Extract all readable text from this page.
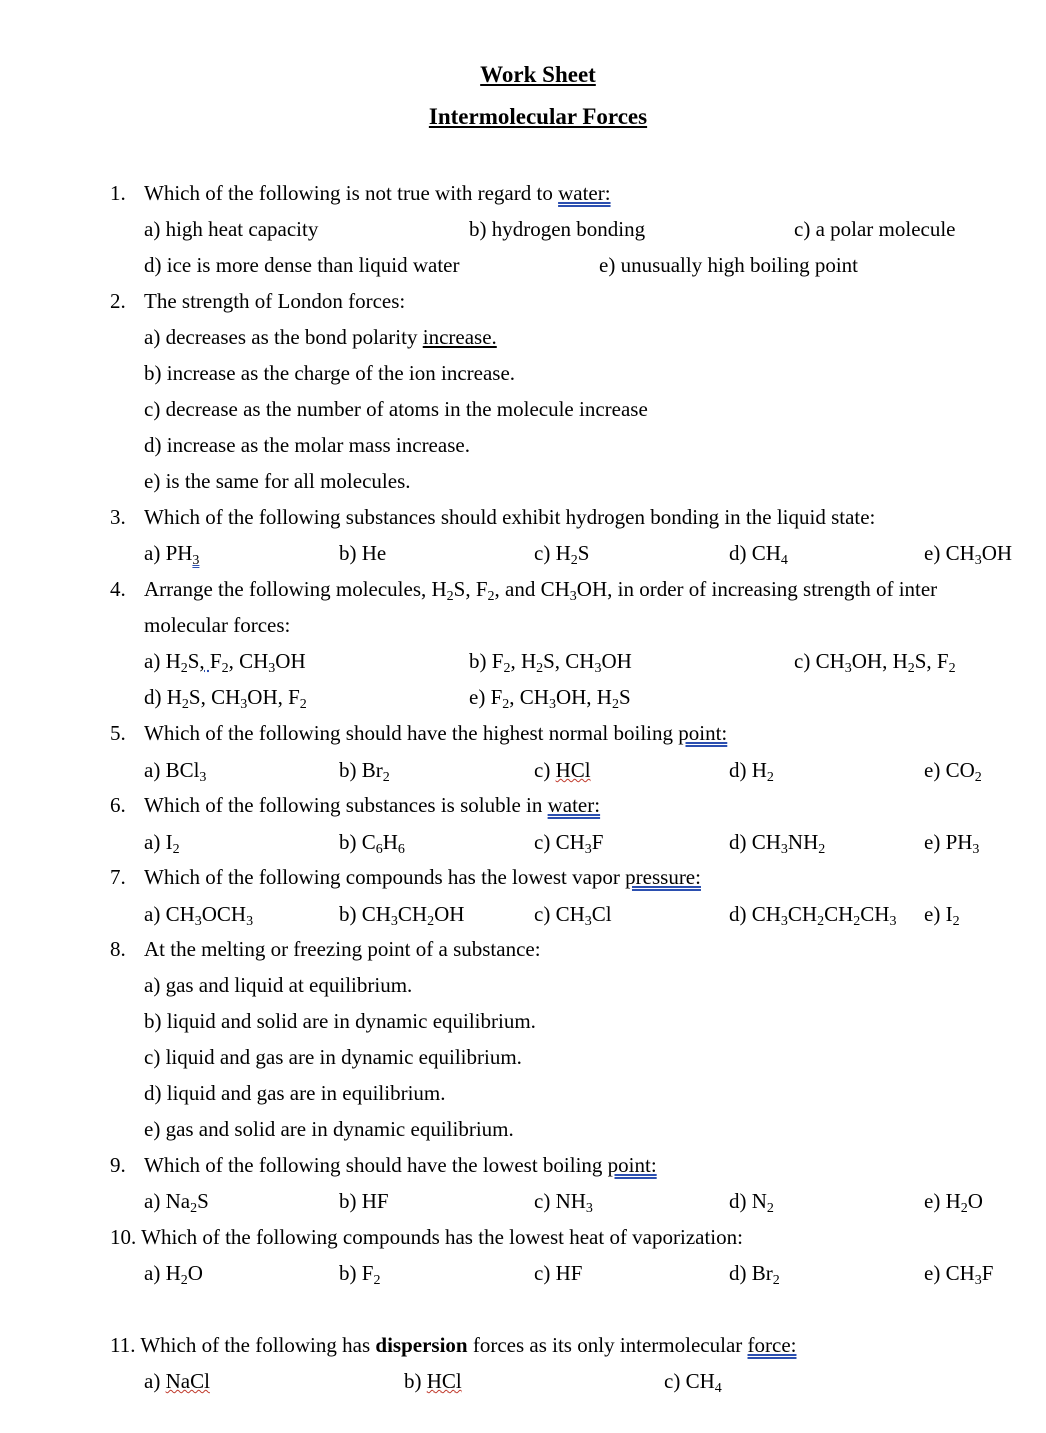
Work Sheet
Intermolecular Forces
1. Which of the following is not true with regard to water:
a) high heat capacity	b) hydrogen bonding	c) a polar molecule
d) ice is more dense than liquid water	e) unusually high boiling point
2. The strength of London forces:
a) decreases as the bond polarity increase.
b) increase as the charge of the ion increase.
c) decrease as the number of atoms in the molecule increase
d) increase as the molar mass increase.
e) is the same for all molecules.
3. Which of the following substances should exhibit hydrogen bonding in the liquid state:
a) $PH_3$	b) He	c) $H_2S$	d) $CH_4$	e) $CH_3OH$
4. Arrange the following molecules, $H_2S$, $F_2$, and $CH_3OH$, in order of increasing strength of inter
molecular forces:
a) $H_2S$, $F_2$, $CH_3OH$	b) $F_2$, $H_2S$, $CH_3OH$	c) $CH_3OH$, $H_2S$, $F_2$
d) $H_2S$, $CH_3OH$, $F_2$	e) $F_2$, $CH_3OH$, $H_2S$
5. Which of the following should have the highest normal boiling point:
a) BCl$_3$	b) $Br_2$	c) HCl	d) $H_2$	e) $CO_2$
6. Which of the following substances is soluble in water:
a) $I_2$	b) $C_6H_6$	c) $CH_3F$	d) $CH_3NH_2$	e) $PH_3$
7. Which of the following compounds has the lowest vapor pressure:
a) $CH_3OCH_3$	b) $CH_3CH_2OH$	c) $CH_3Cl$	d) $CH_3CH_2CH_2CH_3$ e) $I_2$
8. At the melting or freezing point of a substance:
a) gas and liquid at equilibrium.
b) liquid and solid are in dynamic equilibrium.
c) liquid and gas are in dynamic equilibrium.
d) liquid and gas are in equilibrium.
e) gas and solid are in dynamic equilibrium.
9. Which of the following should have the lowest boiling point:
a) $Na_2S$	b) HF	c) $NH_3$	d) $N_2$	e) $H_2O$
10. Which of the following compounds has the lowest heat of vaporization:
a) $H_2O$	b) $F_2$	c) HF	d) $Br_2$	e) $CH_3F$
11. Which of the following has dispersion forces as its only intermolecular force:
a) NaCl	b) HCl	c) $CH_4$
